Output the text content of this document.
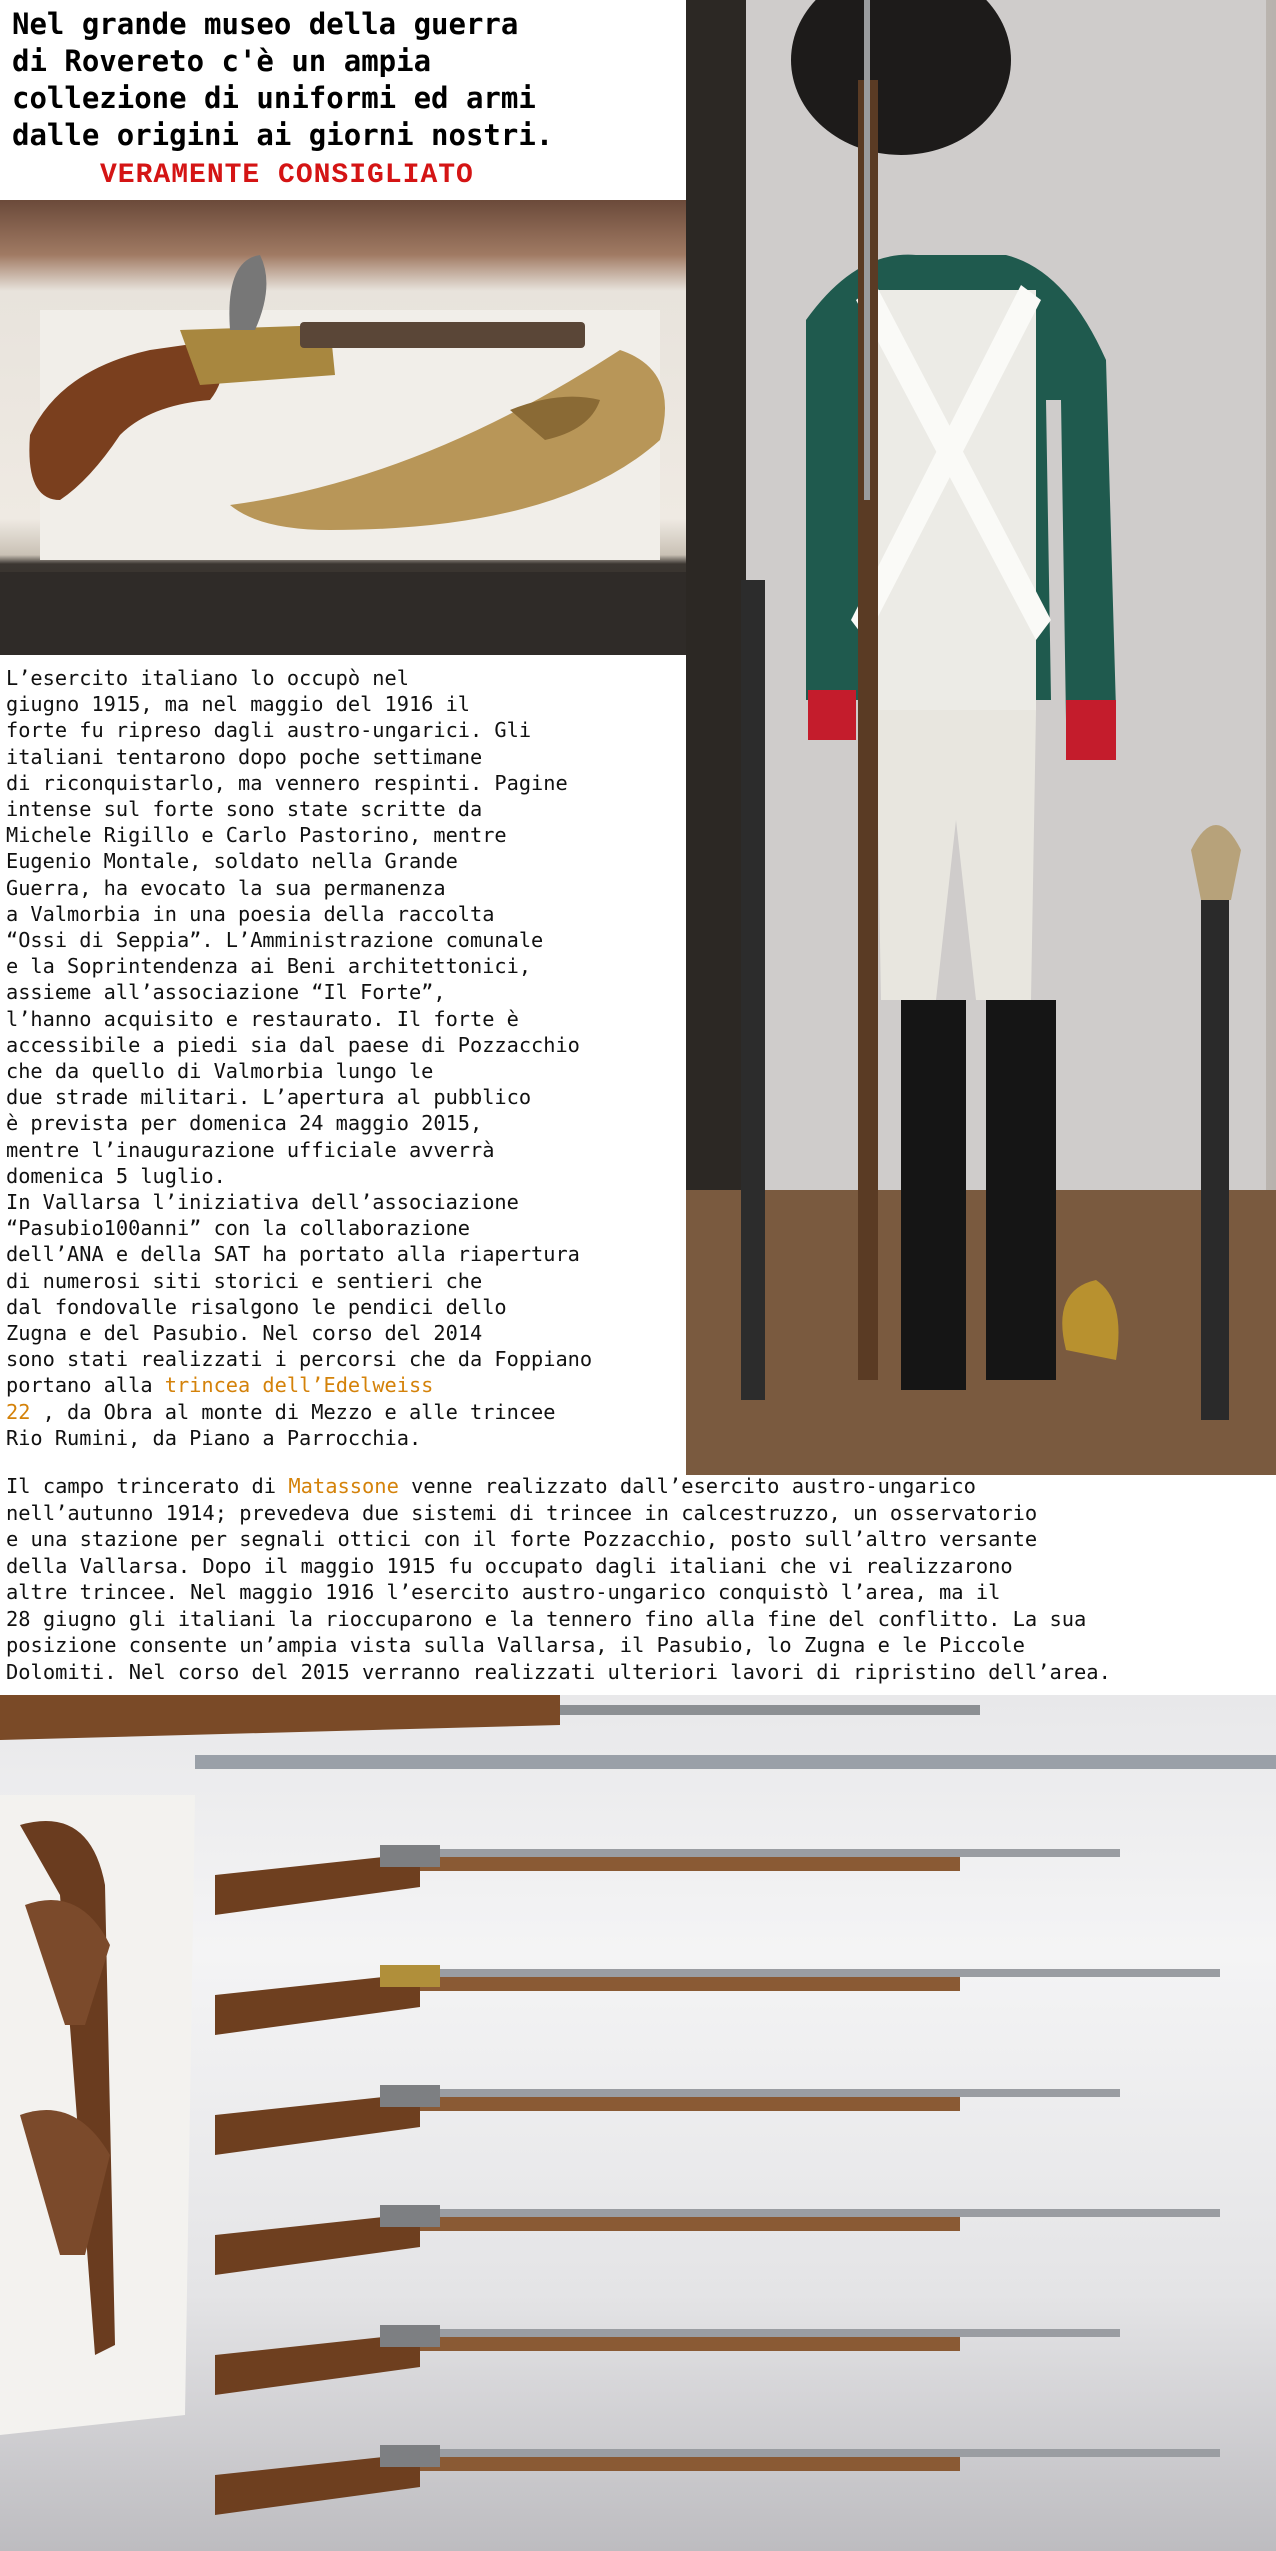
Nel grande museo della guerra
di Rovereto c'è un ampia
collezione di uniformi ed armi
dalle origini ai giorni nostri.

VERAMENTE CONSIGLIATO
L’esercito italiano lo occupò nel
giugno 1915, ma nel maggio del 1916 il
forte fu ripreso dagli austro-ungarici. Gli
italiani tentarono dopo poche settimane
di riconquistarlo, ma vennero respinti. Pagine
intense sul forte sono state scritte da
Michele Rigillo e Carlo Pastorino, mentre
Eugenio Montale, soldato nella Grande
Guerra, ha evocato la sua permanenza
a Valmorbia in una poesia della raccolta
“Ossi di Seppia”. L’Amministrazione comunale
e la Soprintendenza ai Beni architettonici,
assieme all’associazione “Il Forte”,
l’hanno acquisito e restaurato. Il forte è
accessibile a piedi sia dal paese di Pozzacchio
che da quello di Valmorbia lungo le
due strade militari. L’apertura al pubblico
è prevista per domenica 24 maggio 2015,
mentre l’inaugurazione ufficiale avverrà
domenica 5 luglio.
In Vallarsa l’iniziativa dell’associazione
“Pasubio100anni” con la collaborazione
dell’ANA e della SAT ha portato alla riapertura
di numerosi siti storici e sentieri che
dal fondovalle risalgono le pendici dello
Zugna e del Pasubio. Nel corso del 2014
sono stati realizzati i percorsi che da Foppiano
portano alla trincea dell’Edelweiss
22 , da Obra al monte di Mezzo e alle trincee
Rio Rumini, da Piano a Parrocchia.
Il campo trincerato di Matassone venne realizzato dall’esercito austro-ungarico
nell’autunno 1914; prevedeva due sistemi di trincee in calcestruzzo, un osservatorio
e una stazione per segnali ottici con il forte Pozzacchio, posto sull’altro versante
della Vallarsa. Dopo il maggio 1915 fu occupato dagli italiani che vi realizzarono
altre trincee. Nel maggio 1916 l’esercito austro-ungarico conquistò l’area, ma il
28 giugno gli italiani la rioccuparono e la tennero fino alla fine del conflitto. La sua
posizione consente un’ampia vista sulla Vallarsa, il Pasubio, lo Zugna e le Piccole
Dolomiti. Nel corso del 2015 verranno realizzati ulteriori lavori di ripristino dell’area.
